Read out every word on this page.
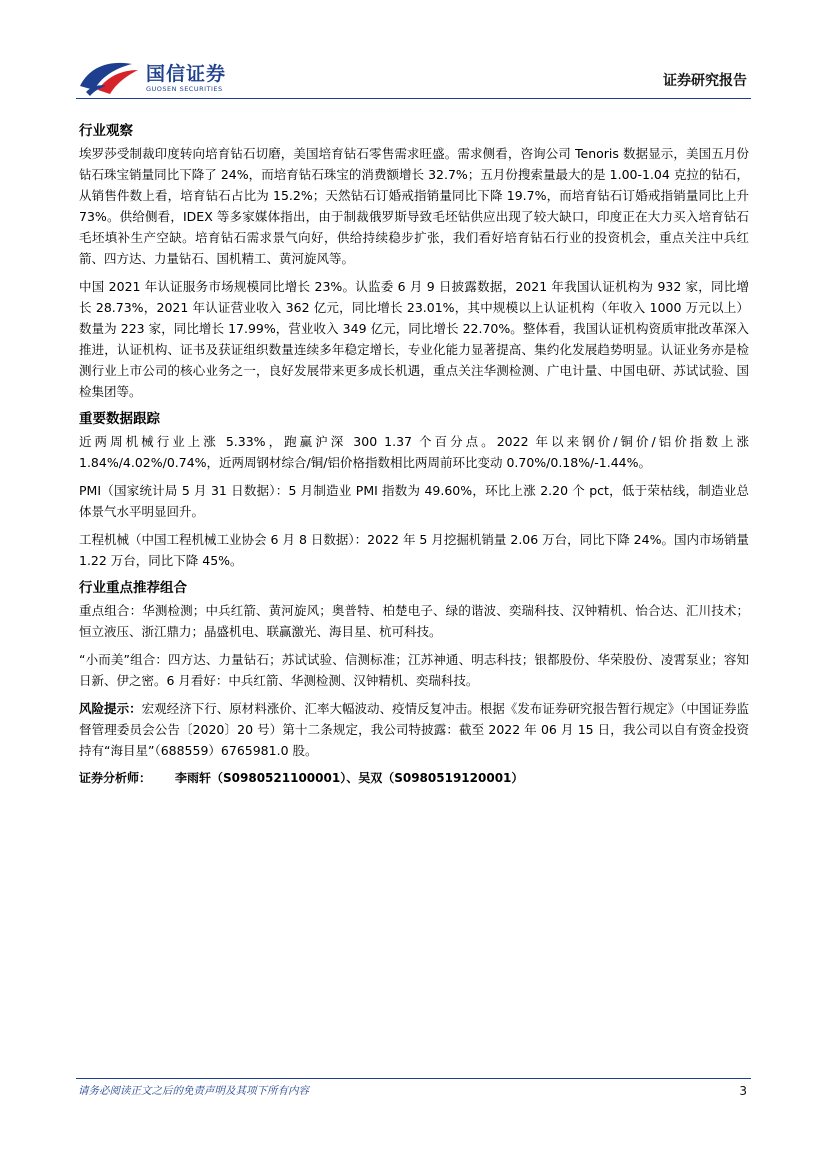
国信证券
GUOSEN SECURITIES	证券研究报告
行业观察

埃罗莎受制裁印度转向培育钻石切磨，美国培育钻石零售需求旺盛。需求侧看，咨询公司 Tenoris 数据显示，美国五月份钻石珠宝销量同比下降了 24%，而培育钻石珠宝的消费额增长 32.7%；五月份搜索量最大的是 1.00-1.04 克拉的钻石，从销售件数上看，培育钻石占比为 15.2%；天然钻石订婚戒指销量同比下降 19.7%，而培育钻石订婚戒指销量同比上升 73%。供给侧看，IDEX 等多家媒体指出，由于制裁俄罗斯导致毛坯钻供应出现了较大缺口，印度正在大力买入培育钻石毛坯填补生产空缺。培育钻石需求景气向好，供给持续稳步扩张，我们看好培育钻石行业的投资机会，重点关注中兵红箭、四方达、力量钻石、国机精工、黄河旋风等。

中国 2021 年认证服务市场规模同比增长 23%。认监委 6 月 9 日披露数据，2021 年我国认证机构为 932 家，同比增长 28.73%，2021 年认证营业收入 362 亿元，同比增长 23.01%，其中规模以上认证机构（年收入 1000 万元以上）数量为 223 家，同比增长 17.99%，营业收入 349 亿元，同比增长 22.70%。整体看，我国认证机构资质审批改革深入推进，认证机构、证书及获证组织数量连续多年稳定增长，专业化能力显著提高、集约化发展趋势明显。认证业务亦是检测行业上市公司的核心业务之一，良好发展带来更多成长机遇，重点关注华测检测、广电计量、中国电研、苏试试验、国检集团等。

重要数据跟踪

近两周机械行业上涨 5.33%，跑赢沪深 300 1.37 个百分点。2022 年以来钢价/铜价/铝价指数上涨 1.84%/4.02%/0.74%，近两周钢材综合/铜/铝价格指数相比两周前环比变动 0.70%/0.18%/-1.44%。

PMI（国家统计局 5 月 31 日数据）：5 月制造业 PMI 指数为 49.60%，环比上涨 2.20 个 pct，低于荣枯线，制造业总体景气水平明显回升。

工程机械（中国工程机械工业协会 6 月 8 日数据）：2022 年 5 月挖掘机销量 2.06 万台，同比下降 24%。国内市场销量 1.22 万台，同比下降 45%。

行业重点推荐组合

重点组合：华测检测；中兵红箭、黄河旋风；奥普特、柏楚电子、绿的谐波、奕瑞科技、汉钟精机、怡合达、汇川技术；恒立液压、浙江鼎力；晶盛机电、联赢激光、海目星、杭可科技。

“小而美”组合：四方达、力量钻石；苏试试验、信测标准；江苏神通、明志科技；银都股份、华荣股份、凌霄泵业；容知日新、伊之密。6 月看好：中兵红箭、华测检测、汉钟精机、奕瑞科技。

风险提示：宏观经济下行、原材料涨价、汇率大幅波动、疫情反复冲击。根据《发布证券研究报告暂行规定》（中国证券监督管理委员会公告〔2020〕20 号）第十二条规定，我公司特披露：截至 2022 年 06 月 15 日，我公司以自有资金投资持有“海目星”（688559）6765981.0 股。

证券分析师： 李雨轩（S0980521100001）、吴双（S0980519120001）
请务必阅读正文之后的免责声明及其项下所有内容	3
